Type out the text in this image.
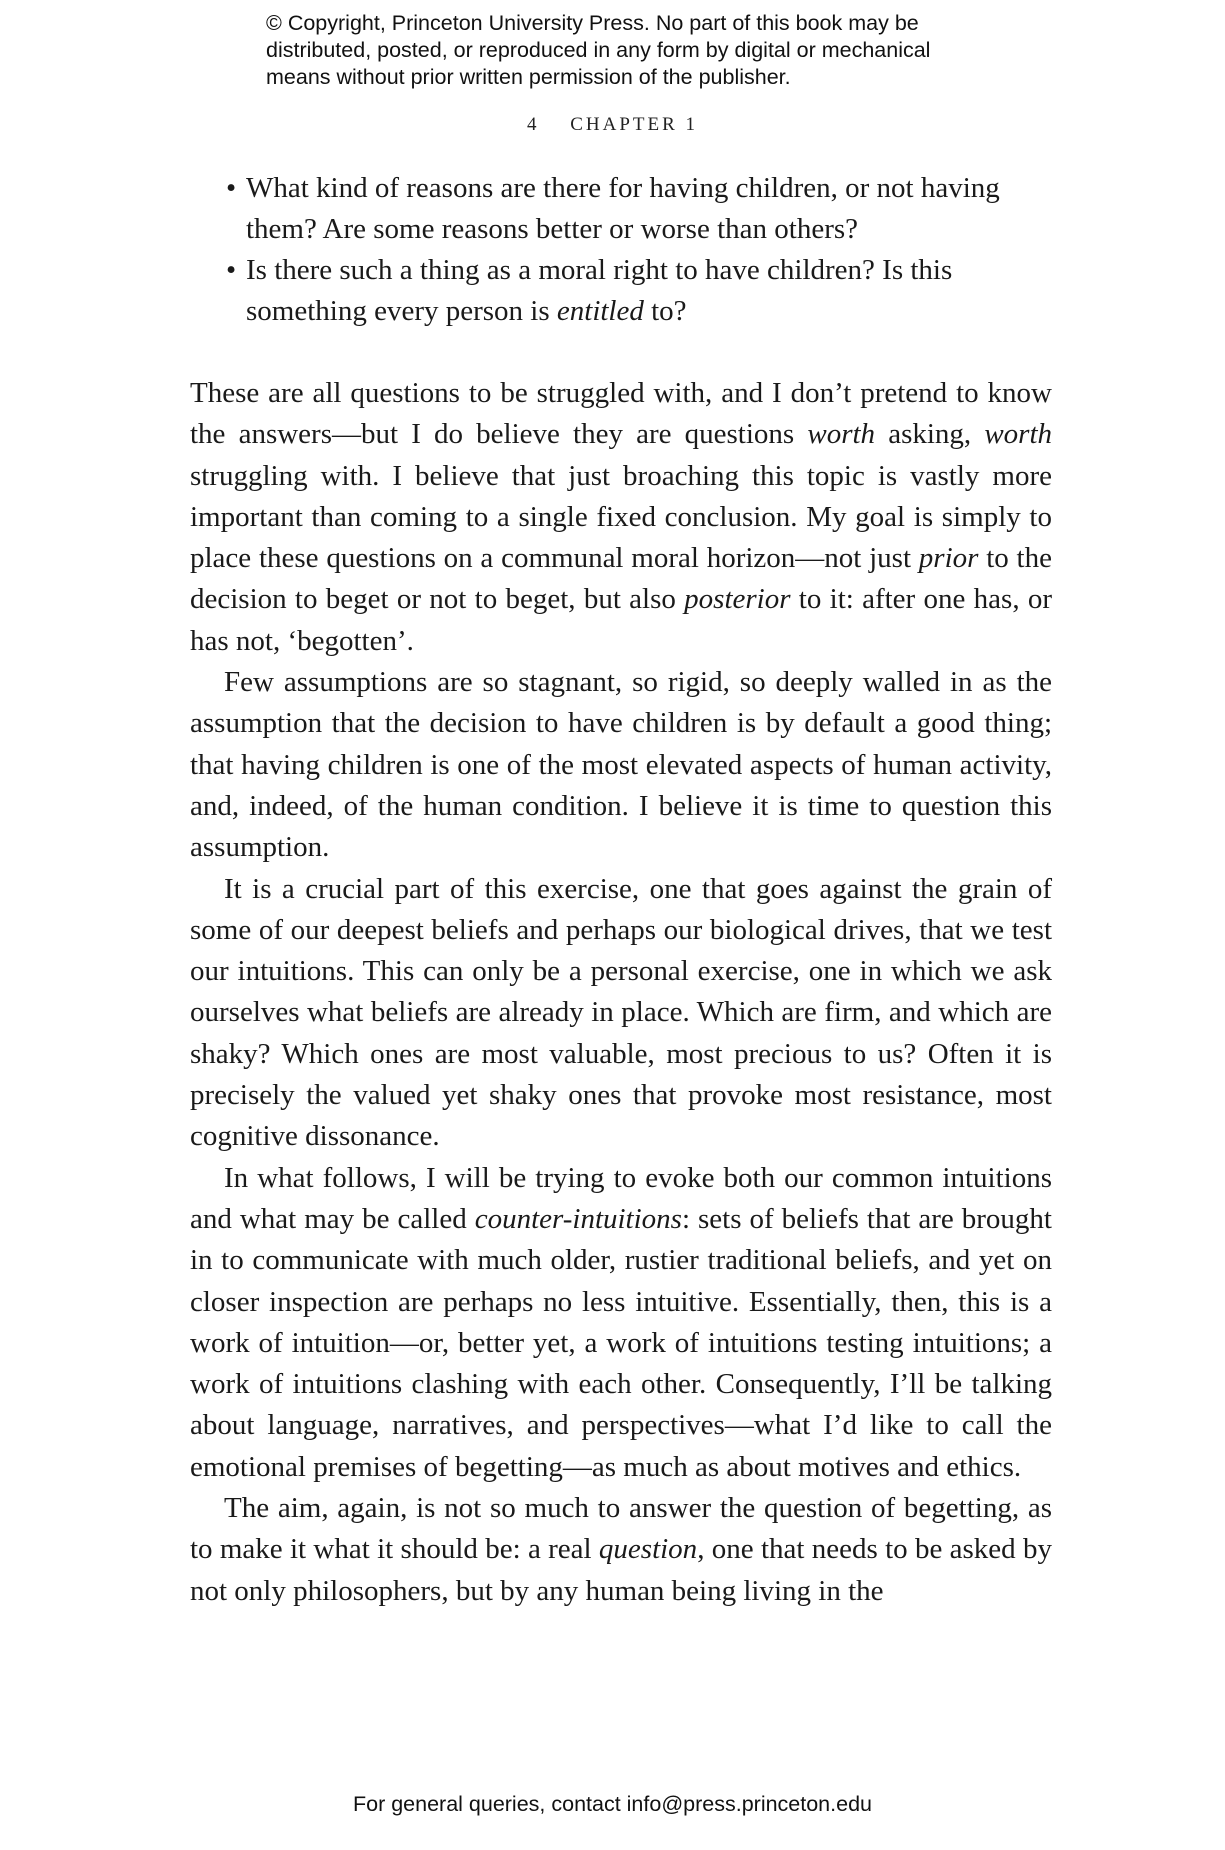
© Copyright, Princeton University Press. No part of this book may be
distributed, posted, or reproduced in any form by digital or mechanical
means without prior written permission of the publisher.
4 CHAPTER 1
• What kind of reasons are there for having children, or not having them? Are some reasons better or worse than others?
• Is there such a thing as a moral right to have children? Is this something every person is entitled to?

These are all questions to be struggled with, and I don’t pretend to know the answers—but I do believe they are questions worth asking, worth struggling with. I believe that just broaching this topic is vastly more important than coming to a single fixed conclusion. My goal is simply to place these questions on a communal moral horizon—not just prior to the decision to beget or not to beget, but also posterior to it: after one has, or has not, ‘begotten’.

Few assumptions are so stagnant, so rigid, so deeply walled in as the assumption that the decision to have children is by default a good thing; that having children is one of the most elevated aspects of human activity, and, indeed, of the human condition. I believe it is time to question this assumption.

It is a crucial part of this exercise, one that goes against the grain of some of our deepest beliefs and perhaps our biological drives, that we test our intuitions. This can only be a personal exercise, one in which we ask ourselves what beliefs are already in place. Which are firm, and which are shaky? Which ones are most valuable, most precious to us? Often it is precisely the valued yet shaky ones that provoke most resistance, most cognitive dissonance.

In what follows, I will be trying to evoke both our common intuitions and what may be called counter-intuitions: sets of beliefs that are brought in to communicate with much older, rustier traditional beliefs, and yet on closer inspection are perhaps no less intuitive. Essentially, then, this is a work of intuition—or, better yet, a work of intuitions testing intuitions; a work of intuitions clashing with each other. Consequently, I’ll be talking about language, narratives, and perspectives—what I’d like to call the emotional premises of begetting—as much as about motives and ethics.

The aim, again, is not so much to answer the question of begetting, as to make it what it should be: a real question, one that needs to be asked by not only philosophers, but by any human being living in the

For general queries, contact info@press.princeton.edu
